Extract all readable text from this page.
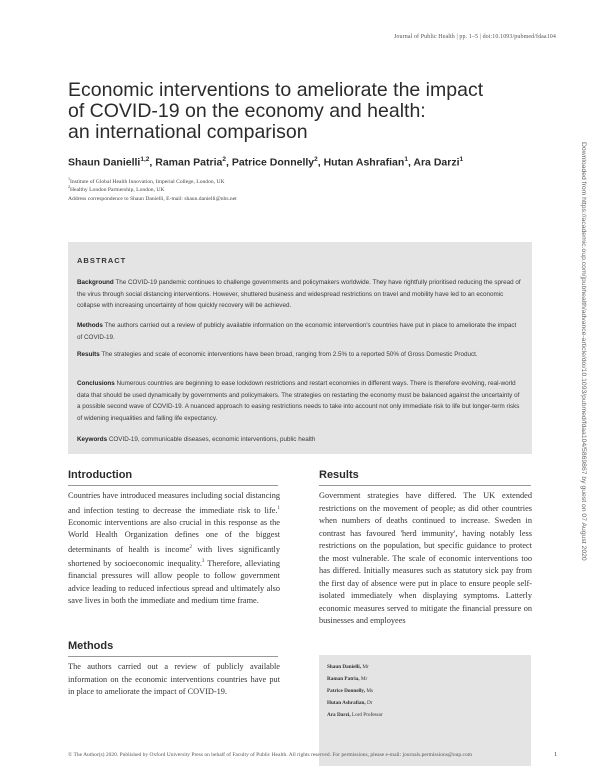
Journal of Public Health | pp. 1–5 | doi:10.1093/pubmed/fdaa104
Economic interventions to ameliorate the impact
of COVID-19 on the economy and health:
an international comparison
Shaun Danielli$^{1,2}$, Raman Patria$^2$, Patrice Donnelly$^2$, Hutan Ashrafian$^1$, Ara Darzi$^1$
$^1$Institute of Global Health Innovation, Imperial College, London, UK
$^2$Healthy London Partnership, London, UK
Address correspondence to Shaun Danielli, E-mail: shaun.danielli@nhs.net	Downloaded from https://academic.oup.com/jpubhealth/advance-article/doi/10.1093/pubmed/fdaa104/5869867 by guest on 07 August 2020
ABSTRACT
Background The COVID-19 pandemic continues to challenge governments and policymakers worldwide. They have rightfully prioritised reducing the spread of the virus through social distancing interventions. However, shuttered business and widespread restrictions on travel and mobility have led to an economic collapse with increasing uncertainty of how quickly recovery will be achieved.
Methods The authors carried out a review of publicly available information on the economic intervention's countries have put in place to ameliorate the impact of COVID-19.
Results The strategies and scale of economic interventions have been broad, ranging from 2.5% to a reported 50% of Gross Domestic Product.
Conclusions Numerous countries are beginning to ease lockdown restrictions and restart economies in different ways. There is therefore evolving, real-world data that should be used dynamically by governments and policymakers. The strategies on restarting the economy must be balanced against the uncertainty of a possible second wave of COVID-19. A nuanced approach to easing restrictions needs to take into account not only immediate risk to life but longer-term risks of widening inequalities and falling life expectancy.
Keywords COVID-19, communicable diseases, economic interventions, public health
Introduction
Countries have introduced measures including social distancing and infection testing to decrease the immediate risk to life.$^1$ Economic interventions are also crucial in this response as the World Health Organization defines one of the biggest determinants of health is income$^2$ with lives significantly shortened by socioeconomic inequality.$^3$ Therefore, alleviating financial pressures will allow people to follow government advice leading to reduced infectious spread and ultimately also save lives in both the immediate and medium time frame.
Methods
The authors carried out a review of publicly available information on the economic interventions countries have put in place to ameliorate the impact of COVID-19.
Results
Government strategies have differed. The UK extended restrictions on the movement of people; as did other countries when numbers of deaths continued to increase. Sweden in contrast has favoured 'herd immunity', having notably less restrictions on the population, but specific guidance to protect the most vulnerable. The scale of economic interventions too has differed. Initially measures such as statutory sick pay from the first day of absence were put in place to ensure people self-isolated immediately when displaying symptoms. Latterly economic measures served to mitigate the financial pressure on businesses and employees
Shaun Danielli, Mr
Raman Patria, Mr
Patrice Donnelly, Ms
Hutan Ashrafian, Dr
Ara Darzi, Lord Professor
© The Author(s) 2020. Published by Oxford University Press on behalf of Faculty of Public Health. All rights reserved. For permissions, please e-mail: journals.permissions@oup.com	1
